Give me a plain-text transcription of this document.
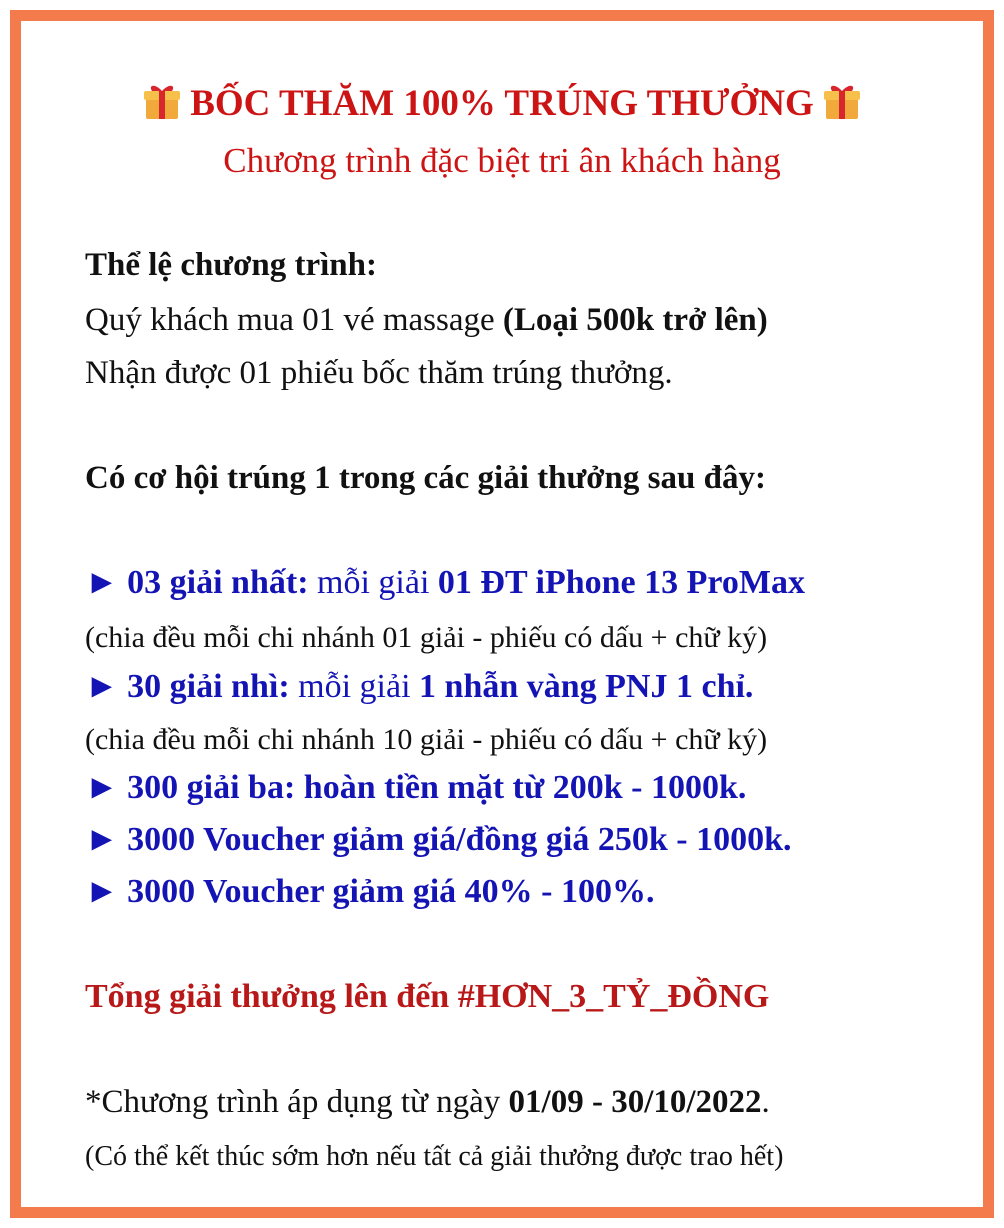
BỐC THĂM 100% TRÚNG THƯỞNG
Chương trình đặc biệt tri ân khách hàng
Thể lệ chương trình:
Quý khách mua 01 vé massage (Loại 500k trở lên)
Nhận được 01 phiếu bốc thăm trúng thưởng.
Có cơ hội trúng 1 trong các giải thưởng sau đây:
► 03 giải nhất: mỗi giải 01 ĐT iPhone 13 ProMax
(chia đều mỗi chi nhánh 01 giải - phiếu có dấu + chữ ký)
► 30 giải nhì: mỗi giải 1 nhẫn vàng PNJ 1 chỉ.
(chia đều mỗi chi nhánh 10 giải - phiếu có dấu + chữ ký)
► 300 giải ba: hoàn tiền mặt từ 200k - 1000k.
► 3000 Voucher giảm giá/đồng giá 250k - 1000k.
► 3000 Voucher giảm giá 40% - 100%.
Tổng giải thưởng lên đến #HƠN_3_TỶ_ĐỒNG
*Chương trình áp dụng từ ngày 01/09 - 30/10/2022.
(Có thể kết thúc sớm hơn nếu tất cả giải thưởng được trao hết)
